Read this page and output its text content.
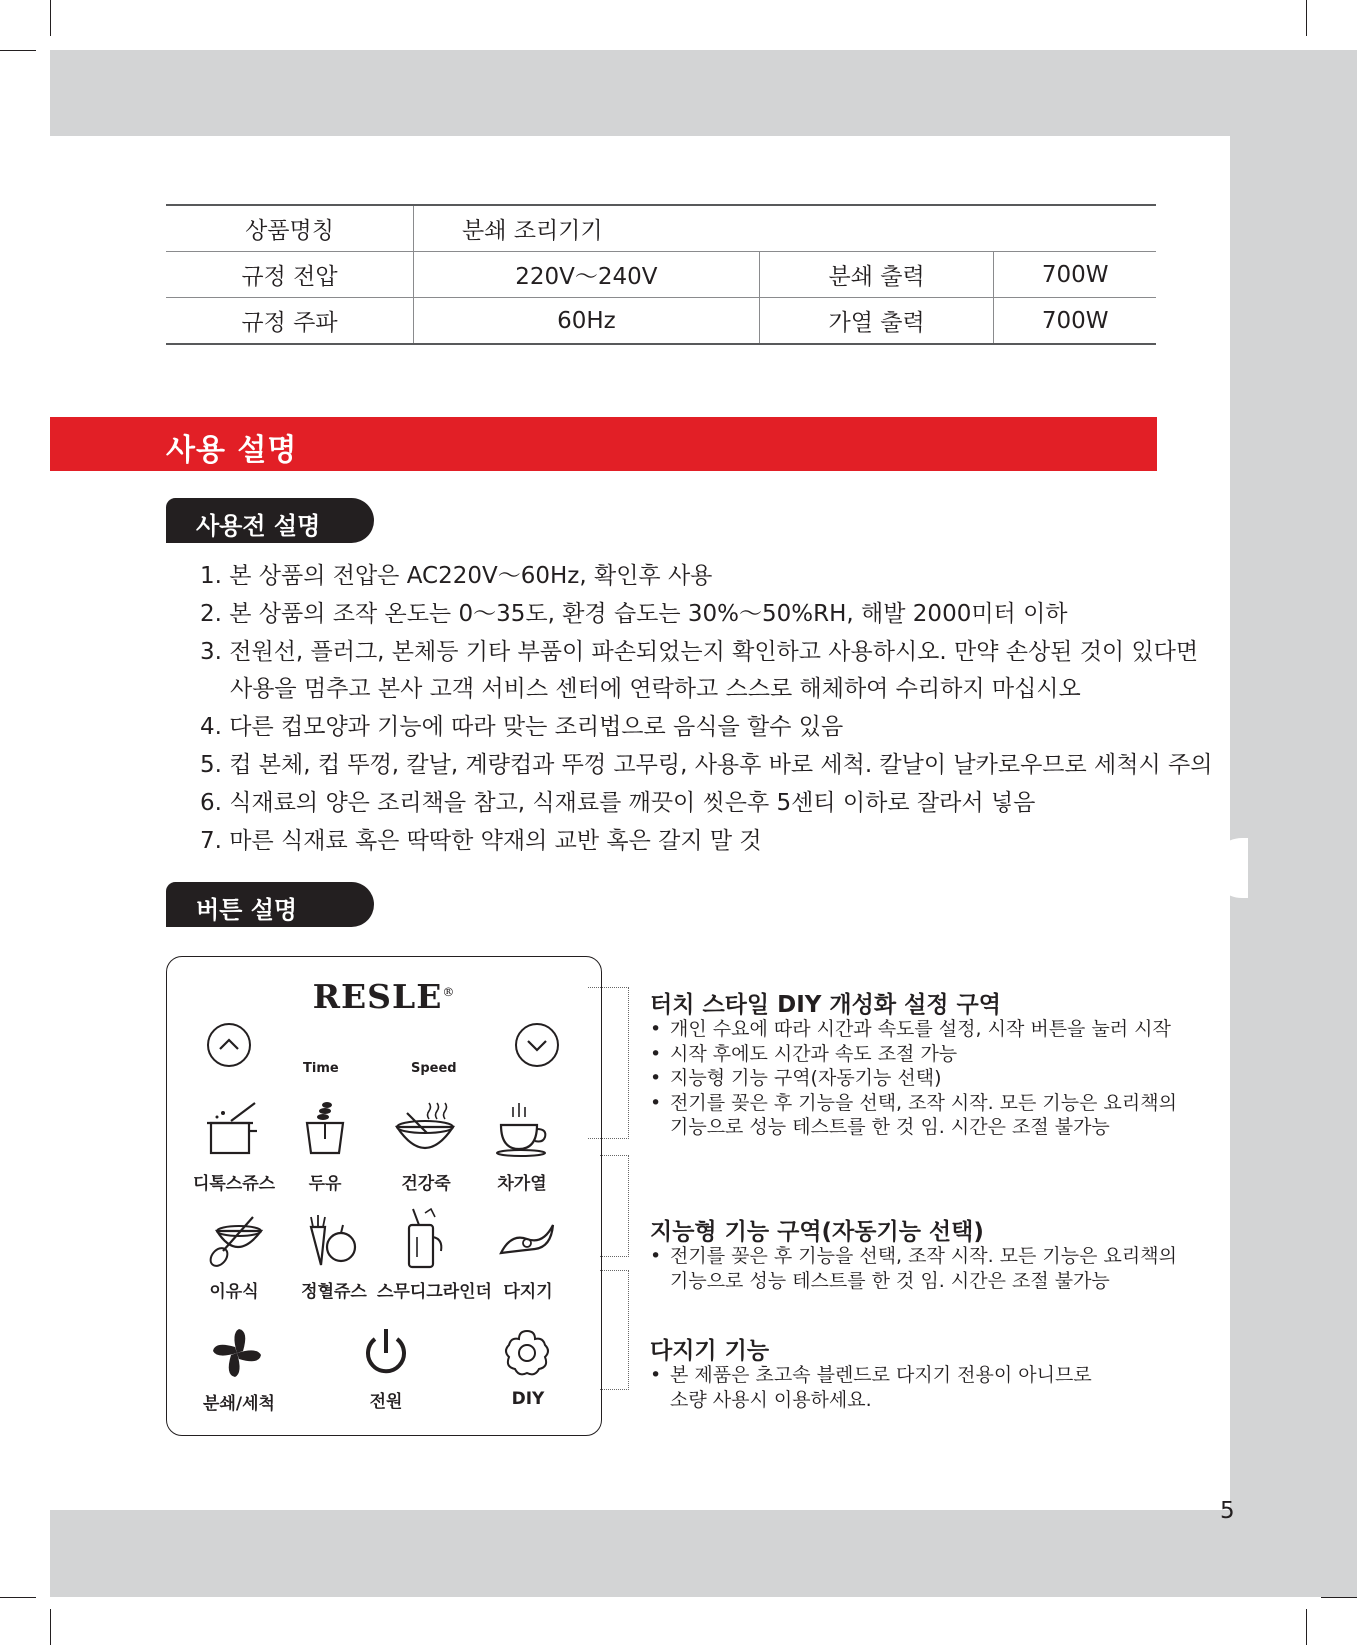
상품명칭	분쇄 조리기기		
규정 전압	220V～240V	분쇄 출력	700W
규정 주파	60Hz	가열 출력	700W
사용 설명
사용전 설명
1. 본 상품의 전압은 AC220V～60Hz, 확인후 사용
2. 본 상품의 조작 온도는 0～35도, 환경 습도는 30%～50%RH, 해발 2000미터 이하
3. 전원선, 플러그, 본체등 기타 부품이 파손되었는지 확인하고 사용하시오. 만약 손상된 것이 있다면
사용을 멈추고 본사 고객 서비스 센터에 연락하고 스스로 해체하여 수리하지 마십시오
4. 다른 컵모양과 기능에 따라 맞는 조리법으로 음식을 할수 있음
5. 컵 본체, 컵 뚜껑, 칼날, 계량컵과 뚜껑 고무링, 사용후 바로 세척. 칼날이 날카로우므로 세척시 주의
6. 식재료의 양은 조리책을 참고, 식재료를 깨끗이 씻은후 5센티 이하로 잘라서 넣음
7. 마른 식재료 혹은 딱딱한 약재의 교반 혹은 갈지 말 것
버튼 설명
RESLE®
Time	Speed
디톡스쥬스	두유	건강죽	차가열
이유식	정혈쥬스 스무디그라인더 다지기
분쇄/세척	전원	DIY
터치 스타일 DIY 개성화 설정 구역
• 개인 수요에 따라 시간과 속도를 설정, 시작 버튼을 눌러 시작
• 시작 후에도 시간과 속도 조절 가능
• 지능형 기능 구역(자동기능 선택)
• 전기를 꽂은 후 기능을 선택, 조작 시작. 모든 기능은 요리책의
기능으로 성능 테스트를 한 것 임. 시간은 조절 불가능
지능형 기능 구역(자동기능 선택)
• 전기를 꽂은 후 기능을 선택, 조작 시작. 모든 기능은 요리책의
기능으로 성능 테스트를 한 것 임. 시간은 조절 불가능
다지기 기능
• 본 제품은 초고속 블렌드로 다지기 전용이 아니므로
소량 사용시 이용하세요.
5
